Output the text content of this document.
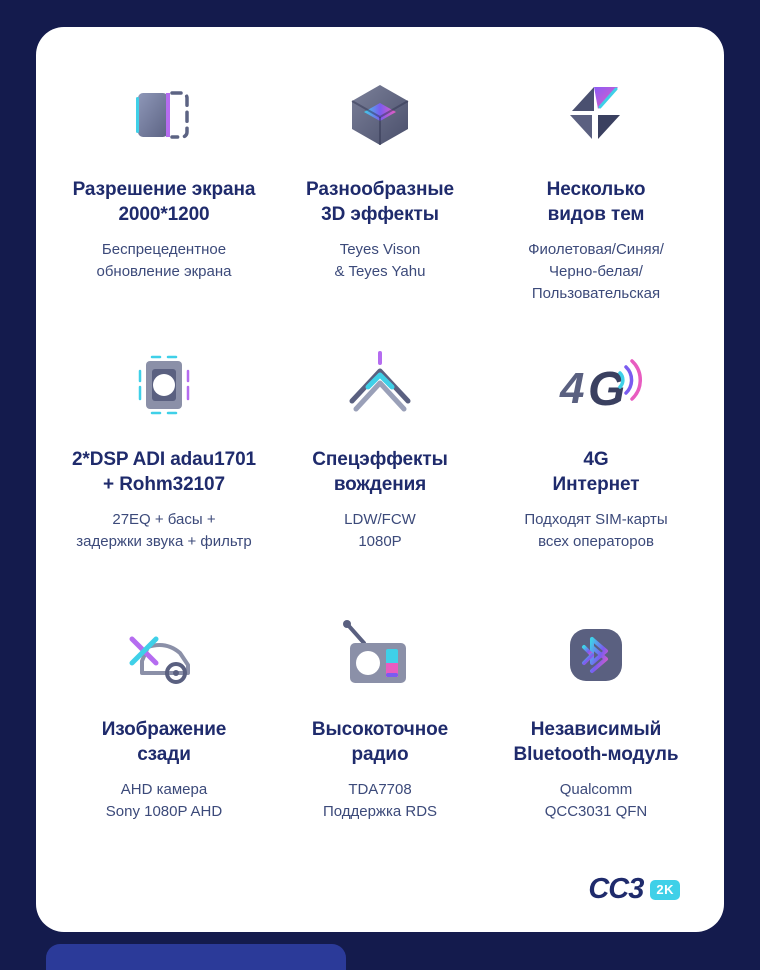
Разрешение экрана
2000*1200
Беспрецедентное
обновление экрана
Разнообразные
3D эффекты
Teyes Vison
& Teyes Yahu
Несколько
видов тем
Фиолетовая/Синяя/
Черно-белая/
Пользовательская
2*DSP ADI adau1701
+ Rohm32107
27EQ + басы +
задержки звука + фильтр
Спецэффекты
вождения
LDW/FCW
1080P
4 G
4G
Интернет
Подходят SIM-карты
всех операторов
Изображение
сзади
AHD камера
Sony 1080P AHD
Высокоточное
радио
TDA7708
Поддержка RDS
Независимый
Bluetooth-модуль
Qualcomm
QCC3031 QFN
CC3	2K
